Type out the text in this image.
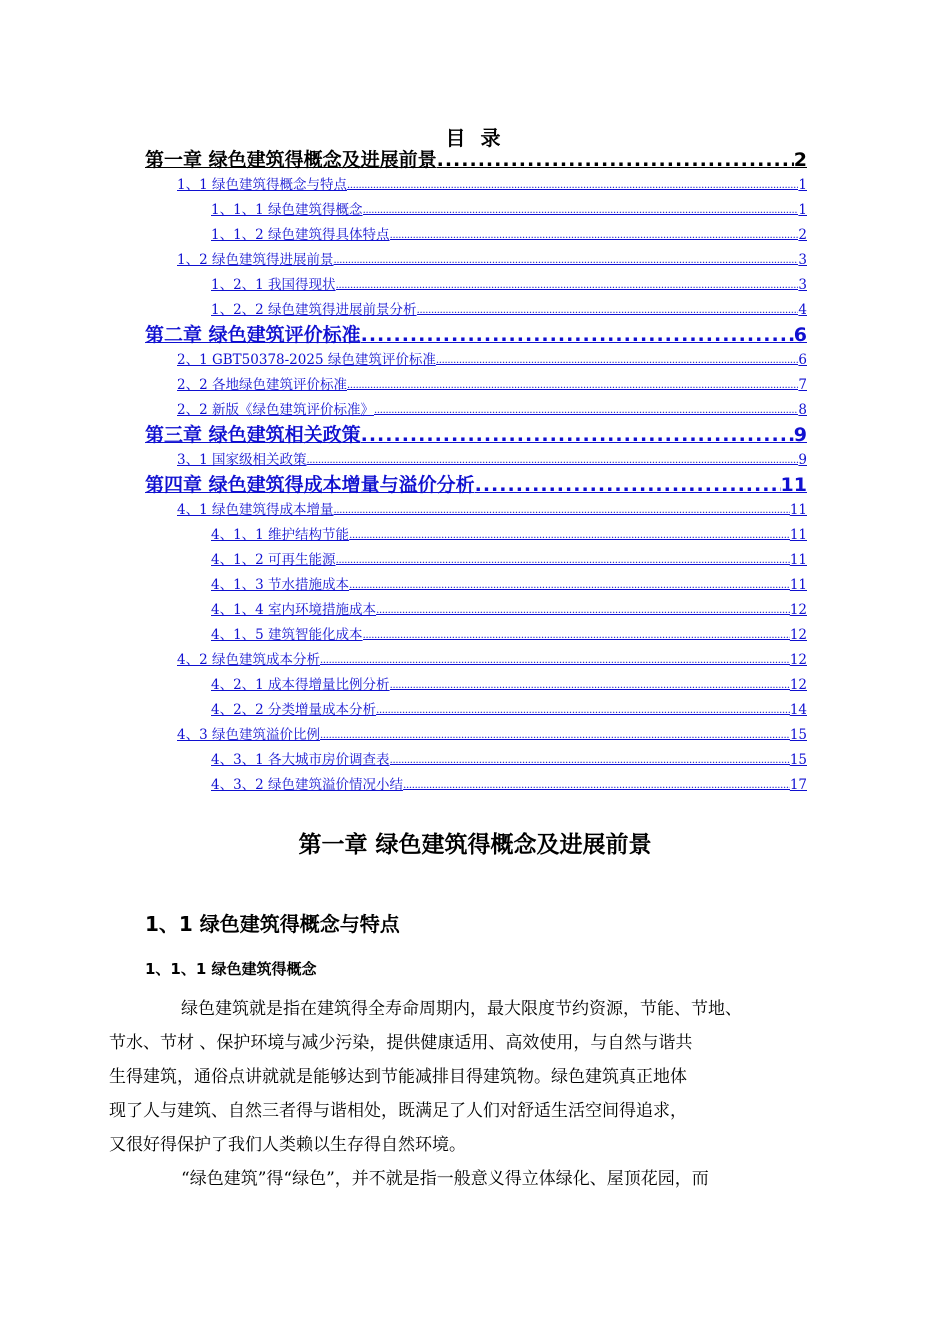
目 录
第一章 绿色建筑得概念及进展前景 .....	2
1、1 绿色建筑得概念与特点 .....	1
1、1、1 绿色建筑得概念 .....	1
1、1、2 绿色建筑得具体特点 .....	2
1、2 绿色建筑得进展前景 .....	3
1、2、1 我国得现状 .....	3
1、2、2 绿色建筑得进展前景分析 .....	4
第二章 绿色建筑评价标准 .....	6
2、1 GBT50378-2025 绿色建筑评价标准 .....	6
2、2 各地绿色建筑评价标准 .....	7
2、2 新版《绿色建筑评价标准》 .....	8
第三章 绿色建筑相关政策 .....	9
3、1 国家级相关政策 .....	9
第四章 绿色建筑得成本增量与溢价分析 .....	11
4、1 绿色建筑得成本增量 .....	11
4、1、1 维护结构节能 .....	11
4、1、2 可再生能源 .....	11
4、1、3 节水措施成本 .....	11
4、1、4 室内环境措施成本 .....	12
4、1、5 建筑智能化成本 .....	12
4、2 绿色建筑成本分析 .....	12
4、2、1 成本得增量比例分析 .....	12
4、2、2 分类增量成本分析 .....	14
4、3 绿色建筑溢价比例 .....	15
4、3、1 各大城市房价调查表 .....	15
4、3、2 绿色建筑溢价情况小结 .....	17
第一章 绿色建筑得概念及进展前景
1、1 绿色建筑得概念与特点
1、1、1 绿色建筑得概念

绿色建筑就是指在建筑得全寿命周期内，最大限度节约资源，节能、节地、
节水、节材 、保护环境与减少污染，提供健康适用、高效使用，与自然与谐共
生得建筑，通俗点讲就就是能够达到节能减排目得建筑物。绿色建筑真正地体
现了人与建筑、自然三者得与谐相处，既满足了人们对舒适生活空间得追求，
又很好得保护了我们人类赖以生存得自然环境。

“绿色建筑”得“绿色”，并不就是指一般意义得立体绿化、屋顶花园，而
